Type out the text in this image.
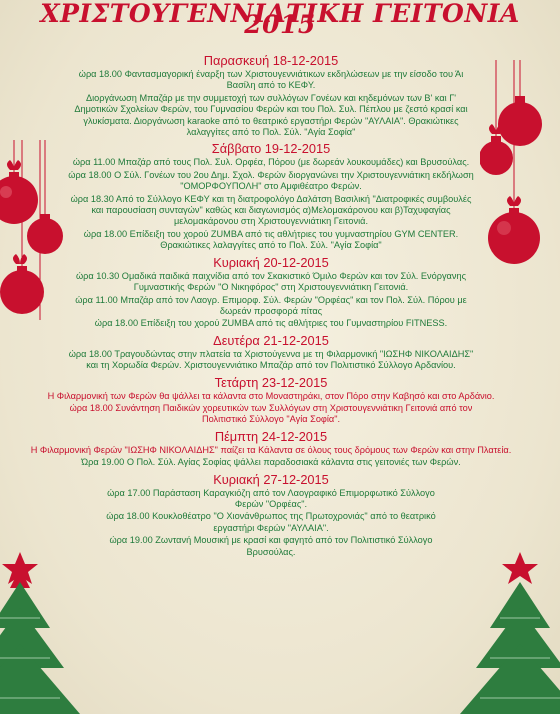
ΧΡΙΣΤΟΥΓΕΝΝΙΑΤΙΚΗ ΓΕΙΤΟΝΙΑ 2015
Παρασκευή 18-12-2015
ώρα 18.00 Φαντασμαγορική έναρξη των Χριστουγεννιάτικων εκδηλώσεων με την είσοδο του Άι Βασίλη από το ΚΕΦΥ.
Διοργάνωση Μπαζάρ με την συμμετοχή των συλλόγων Γονέων και κηδεμόνων των Β' και Γ' Δημοτικών Σχολείων Φερών, του Γυμνασίου Φερών και του Πολ. Συλ. Πέπλου με ζεστό κρασί και γλυκίσματα. Διοργάνωση karaoke από το θεατρικό εργαστήρι Φερών "ΑΥΛΑΙΑ". Θρακιώτικες λαλαγγίτες από το Πολ. Σύλ. "Αγία Σοφία"
Σάββατο 19-12-2015
ώρα 11.00 Μπαζάρ από τους Πολ. Συλ. Ορφέα, Πόρου (με δωρεάν λουκουμάδες) και Βρυσούλας.
ώρα 18.00 Ο Σύλ. Γονέων του 2ου Δημ. Σχολ. Φερών διοργανώνει την Χριστουγεννιάτικη εκδήλωση "ΟΜΟΡΦΟΥΠΟΛΗ" στο Αμφιθέατρο Φερών.
ώρα 18.30 Από το Σύλλογο ΚΕΦΥ και τη διατροφολόγο Δαλάτση Βασιλική "Διατροφικές συμβουλές και παρουσίαση συνταγών" καθώς και διαγωνισμός α)Μελομακάρονου και β)Ταχυφαγίας μελομακάρονου στη Χριστουγεννιάτικη Γειτονιά.
ώρα 18.00 Επίδειξη του χορού ZUMBA από τις αθλήτριες του γυμναστηρίου GYM CENTER. Θρακιώτικες λαλαγγίτες από το Πολ. Σύλ. "Αγία Σοφία"
Κυριακή 20-12-2015
ώρα 10.30 Ομαδικά παιδικά παιχνίδια από τον Σκακιστικό Όμιλο Φερών και τον Σύλ. Ενόργανης Γυμναστικής Φερών "Ο Νικηφόρος" στη Χριστουγεννιάτικη Γειτονιά.
ώρα 11.00 Μπαζάρ από τον Λαογρ. Επιμορφ. Σύλ. Φερών "Ορφέας" και τον Πολ. Σύλ. Πόρου με δωρεάν προσφορά πίτας
ώρα 18.00 Επίδειξη του χορού ZUMBA από τις αθλήτριες του Γυμναστηρίου FITNESS.
Δευτέρα 21-12-2015
ώρα 18.00 Τραγουδώντας στην πλατεία τα Χριστούγεννα με τη Φιλαρμονική "ΙΩΣΗΦ ΝΙΚΟΛΑΙΔΗΣ" και τη Χορωδία Φερών. Χριστουγεννιάτικο Μπαζάρ από τον Πολιτιστικό Σύλλογο Αρδανίου.
Τετάρτη 23-12-2015
Η Φιλαρμονική των Φερών θα ψάλλει τα κάλαντα στο Μοναστηράκι, στον Πόρο στην Καβησό και στο Αρδάνιο.
ώρα 18.00 Συνάντηση Παιδικών χορευτικών των Συλλόγων στη Χριστουγεννιάτικη Γειτονιά από τον Πολιτιστικό Σύλλογο "Αγία Σοφία".
Πέμπτη 24-12-2015
Η Φιλαρμονική Φερών "ΙΩΣΗΦ ΝΙΚΟΛΑΙΔΗΣ" παίζει τα Κάλαντα σε όλους τους δρόμους των Φερών και στην Πλατεία.
Ώρα 19.00 Ο Πολ. Σύλ. Αγίας Σοφίας ψάλλει παραδοσιακά κάλαντα στις γειτονιές των Φερών.
Κυριακή 27-12-2015
ώρα 17.00 Παράσταση Καραγκιόζη από τον Λαογραφικό Επιμορφωτικό Σύλλογο Φερών "Ορφέας".
ώρα 18.00 Κουκλοθέατρο "Ο Χιονάνθρωπος της Πρωτοχρονιάς" από το θεατρικό εργαστήρι Φερών "ΑΥΛΑΙΑ".
ώρα 19.00 Ζωντανή Μουσική με κρασί και φαγητό από τον Πολιτιστικό Σύλλογο Βρυσούλας.
